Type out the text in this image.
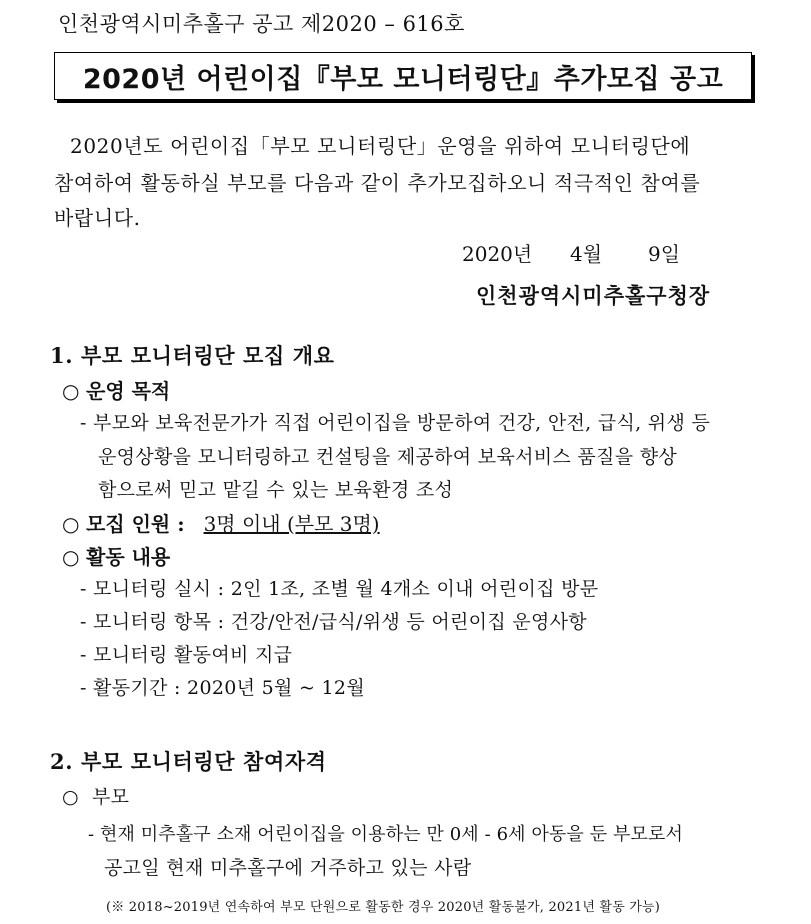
인천광역시미추홀구 공고 제2020 – 616호
2020년 어린이집『부모 모니터링단』추가모집 공고
2020년도 어린이집「부모 모니터링단」운영을 위하여 모니터링단에
참여하여 활동하실 부모를 다음과 같이 추가모집하오니 적극적인 참여를
바랍니다.
2020년 4월 9일
인천광역시미추홀구청장
1. 부모 모니터링단 모집 개요
○ 운영 목적
- 부모와 보육전문가가 직접 어린이집을 방문하여 건강, 안전, 급식, 위생 등
운영상황을 모니터링하고 컨설팅을 제공하여 보육서비스 품질을 향상
함으로써 믿고 맡길 수 있는 보육환경 조성
○ 모집 인원 : 3명 이내 (부모 3명)
○ 활동 내용
- 모니터링 실시 : 2인 1조, 조별 월 4개소 이내 어린이집 방문
- 모니터링 항목 : 건강/안전/급식/위생 등 어린이집 운영사항
- 모니터링 활동여비 지급
- 활동기간 : 2020년 5월 ~ 12월
2. 부모 모니터링단 참여자격
○ 부모
- 현재 미추홀구 소재 어린이집을 이용하는 만 0세 - 6세 아동을 둔 부모로서
공고일 현재 미추홀구에 거주하고 있는 사람
(※ 2018~2019년 연속하여 부모 단원으로 활동한 경우 2020년 활동불가, 2021년 활동 가능)
